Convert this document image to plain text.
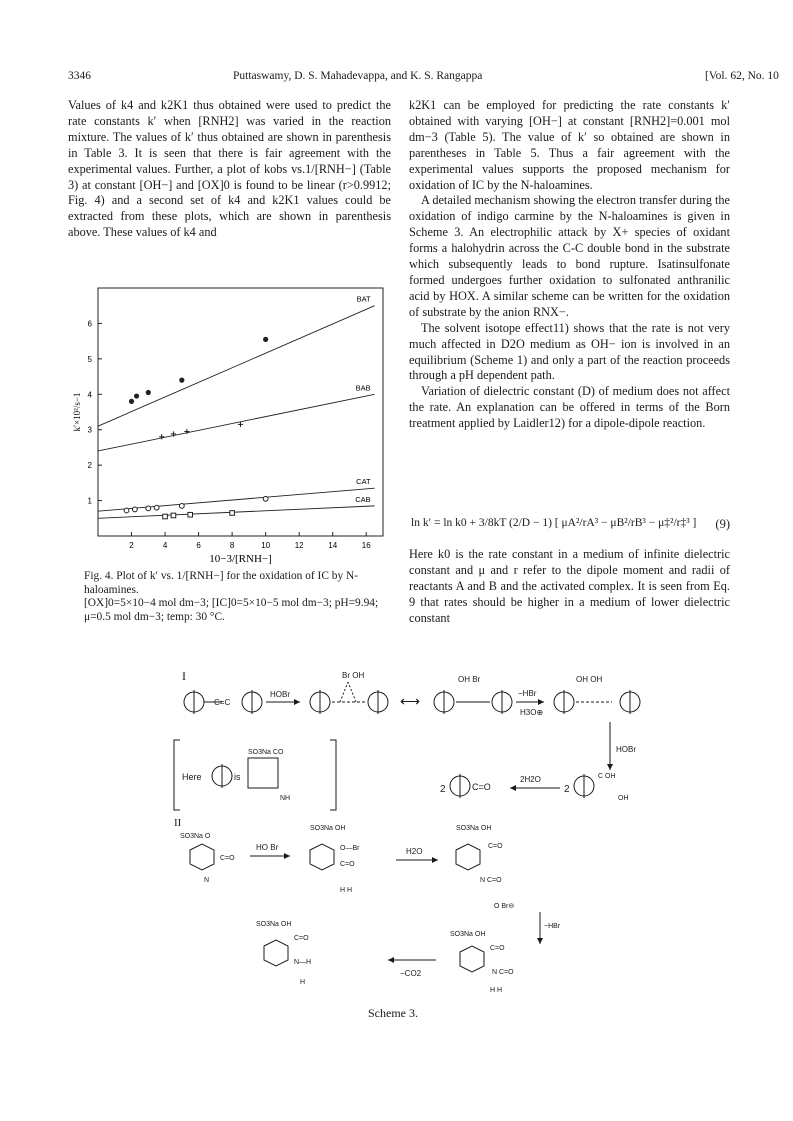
3346	Puttaswamy, D. S. Mahadevappa, and K. S. Rangappa	[Vol. 62, No. 10

Values of k4 and k2K1 thus obtained were used to predict the rate constants k′ when [RNH2] was varied in the reaction mixture. The values of k′ thus obtained are shown in parenthesis in Table 3. It is seen that there is fair agreement with the experimental values. Further, a plot of kobs vs.1/[RNH−] (Table 3) at constant [OH−] and [OX]0 is found to be linear (r>0.9912; Fig. 4) and a second set of k4 and k2K1 values could be extracted from these plots, which are shown in parenthesis above. These values of k4 and

2	4	6	8	10	12	14	16
1
2
3
4
5
6
10−3/[RNH−]
k′×10²/s−1
BAT
BAB
CAT
CAB

Fig. 4. Plot of k′ vs. 1/[RNH−] for the oxidation of IC by N-haloamines.

[OX]0=5×10−4 mol dm−3; [IC]0=5×10−5 mol dm−3; pH=9.94; μ=0.5 mol dm−3; temp: 30 °C.

k2K1 can be employed for predicting the rate constants k′ obtained with varying [OH−] at constant [RNH2]=0.001 mol dm−3 (Table 5). The value of k′ so obtained are shown in parentheses in Table 5. Thus a fair agreement with the experimental values supports the proposed mechanism for oxidation of IC by the N-haloamines.

A detailed mechanism showing the electron transfer during the oxidation of indigo carmine by the N-haloamines is given in Scheme 3. An electrophilic attack by X+ species of oxidant forms a halohydrin across the C-C double bond in the substrate which subsequently leads to bond rupture. Isatinsulfonate formed undergoes further oxidation to sulfonated anthranilic acid by HOX. A similar scheme can be written for the oxidation of substrate by the anion RNX−.

The solvent isotope effect11) shows that the rate is not very much affected in D2O medium as OH− ion is involved in an equilibrium (Scheme 1) and only a part of the reaction proceeds through a pH dependent path.

Variation of dielectric constant (D) of medium does not affect the rate. An explanation can be offered in terms of the Born treatment applied by Laidler12) for a dipole-dipole reaction.

ln k′ = ln k0 + 3/8kT (2/D − 1) [ μA²/rA³ − μB²/rB³ − μ‡²/r‡³ ] (9)

Here k0 is the rate constant in a medium of infinite dielectric constant and μ and r refer to the dipole moment and radii of reactants A and B and the activated complex. It is seen from Eq. 9 that rates should be higher in a medium of lower dielectric constant

I
C=C
HOBr
Br OH
⟷
OH Br
−HBr
H3O⊕
OH OH
HOBr
Here	is
SO3Na CO
NH
2	C=O
2H2O
2
C OH
OH
II
SO3Na O
C=O
N
HO Br
SO3Na OH
O—Br
C=O
H H
H2O
SO3Na OH
C=O
N C=O
O Br⊖
−HBr
SO3Na OH
C=O
N C=O
H H
−CO2
SO3Na OH
C=O
N—H
H
Scheme 3.
